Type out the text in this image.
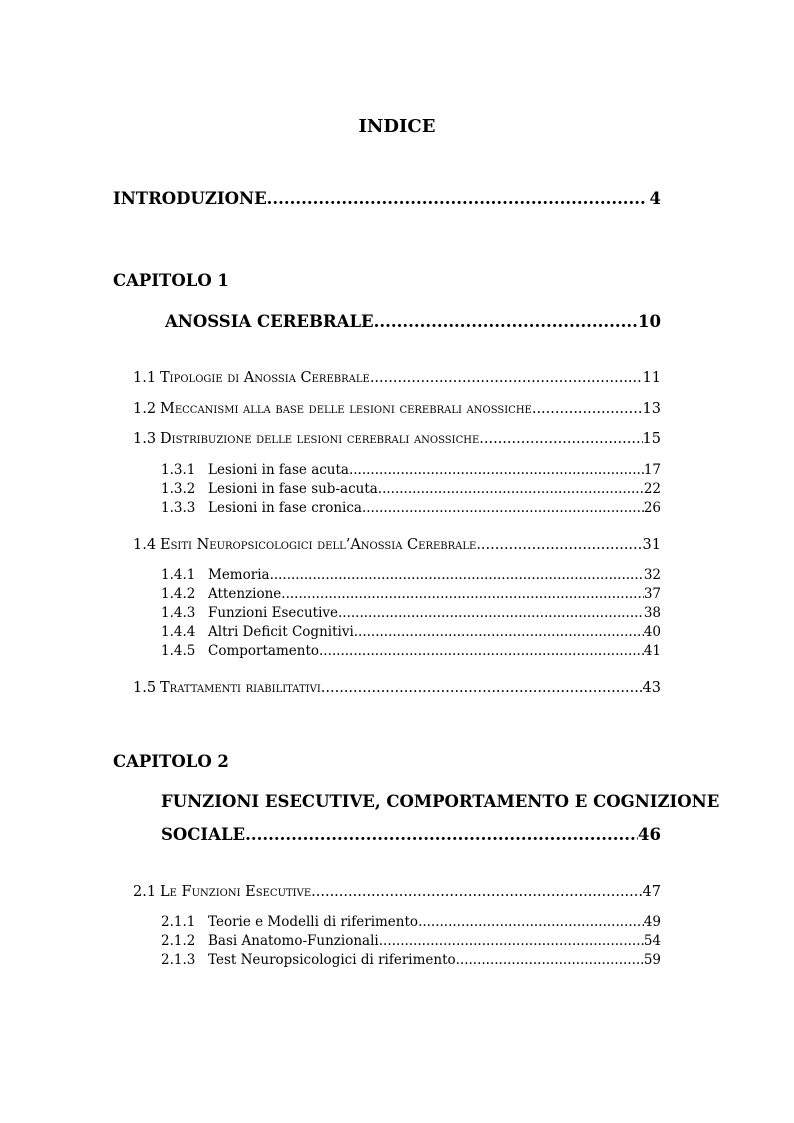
INDICE
INTRODUZIONE .....	4
CAPITOLO 1
ANOSSIA CEREBRALE .....	10
1.1 Tipologie di Anossia Cerebrale .....	11
1.2 Meccanismi alla base delle lesioni cerebrali anossiche .....	13
1.3 Distribuzione delle lesioni cerebrali anossiche .....	15
1.3.1 Lesioni in fase acuta .....	17
1.3.2 Lesioni in fase sub-acuta .....	22
1.3.3 Lesioni in fase cronica .....	26
1.4 Esiti Neuropsicologici dell’Anossia Cerebrale .....	31
1.4.1 Memoria .....	32
1.4.2 Attenzione .....	37
1.4.3 Funzioni Esecutive .....	38
1.4.4 Altri Deficit Cognitivi .....	40
1.4.5 Comportamento .....	41
1.5 Trattamenti riabilitativi .....	43
CAPITOLO 2
FUNZIONI ESECUTIVE, COMPORTAMENTO E COGNIZIONE
SOCIALE .....	46
2.1 Le Funzioni Esecutive .....	47
2.1.1 Teorie e Modelli di riferimento .....	49
2.1.2 Basi Anatomo-Funzionali .....	54
2.1.3 Test Neuropsicologici di riferimento .....	59
